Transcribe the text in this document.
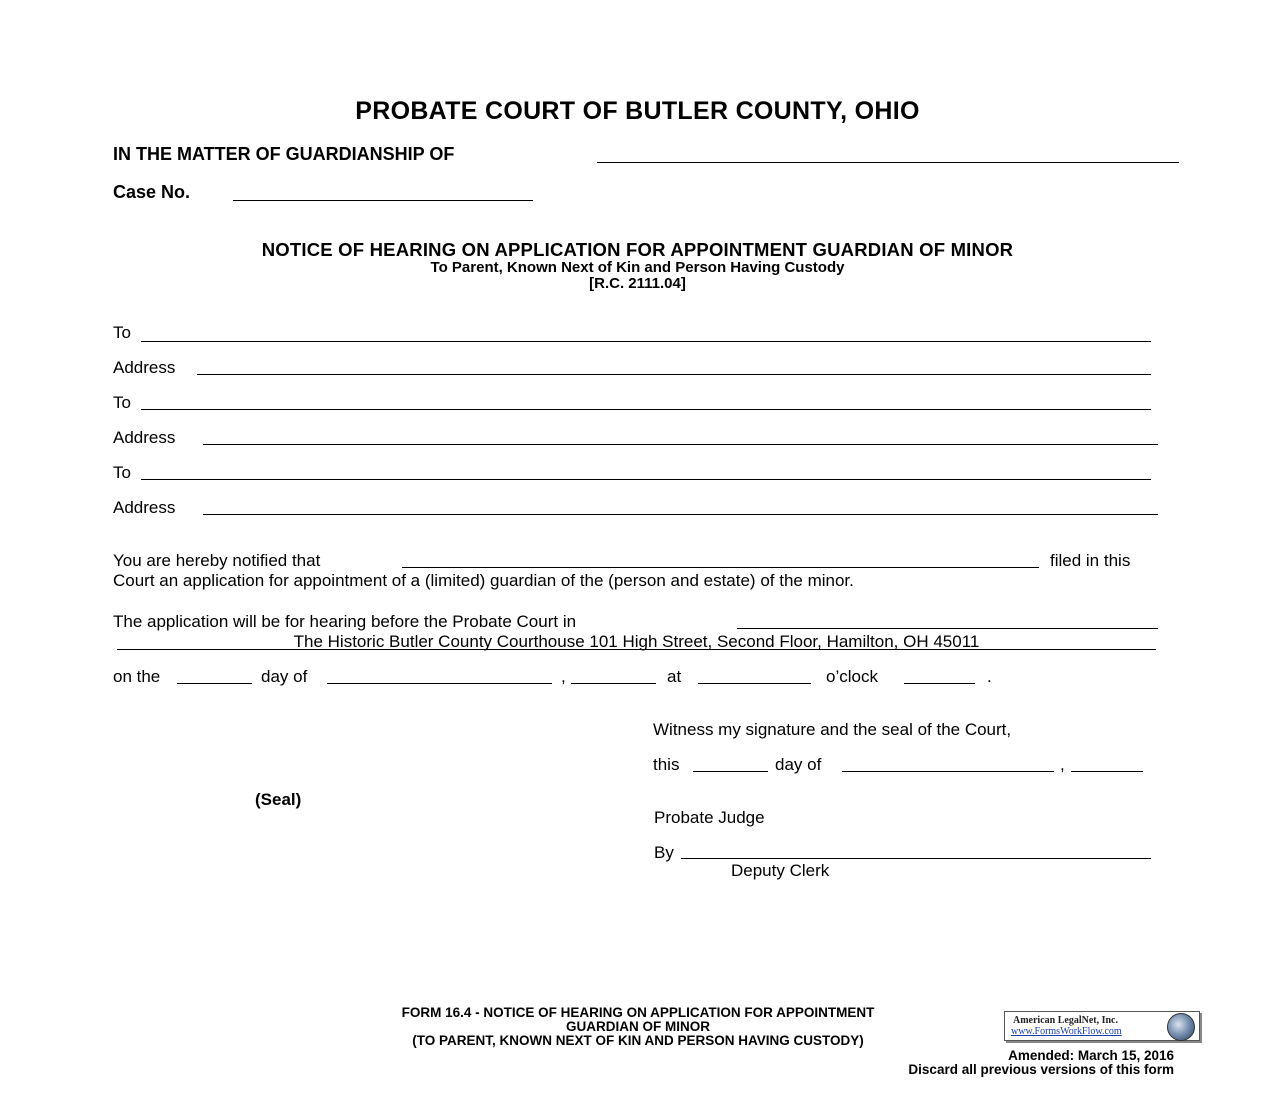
PROBATE COURT OF BUTLER COUNTY, OHIO
IN THE MATTER OF GUARDIANSHIP OF
Case No.
NOTICE OF HEARING ON APPLICATION FOR APPOINTMENT GUARDIAN OF MINOR
To Parent, Known Next of Kin and Person Having Custody
[R.C. 2111.04]
To
Address
To
Address
To
Address
You are hereby notified that	filed in this
Court an application for appointment of a (limited) guardian of the (person and estate) of the minor.
The application will be for hearing before the Probate Court in
The Historic Butler County Courthouse 101 High Street, Second Floor, Hamilton, OH 45011
on the	day of	,	at	o’clock	.
Witness my signature and the seal of the Court,
this	day of	,
(Seal)
Probate Judge
By
Deputy Clerk
FORM 16.4 - NOTICE OF HEARING ON APPLICATION FOR APPOINTMENT
GUARDIAN OF MINOR
(TO PARENT, KNOWN NEXT OF KIN AND PERSON HAVING CUSTODY)
American LegalNet, Inc.
www.FormsWorkFlow.com
Amended: March 15, 2016
Discard all previous versions of this form
